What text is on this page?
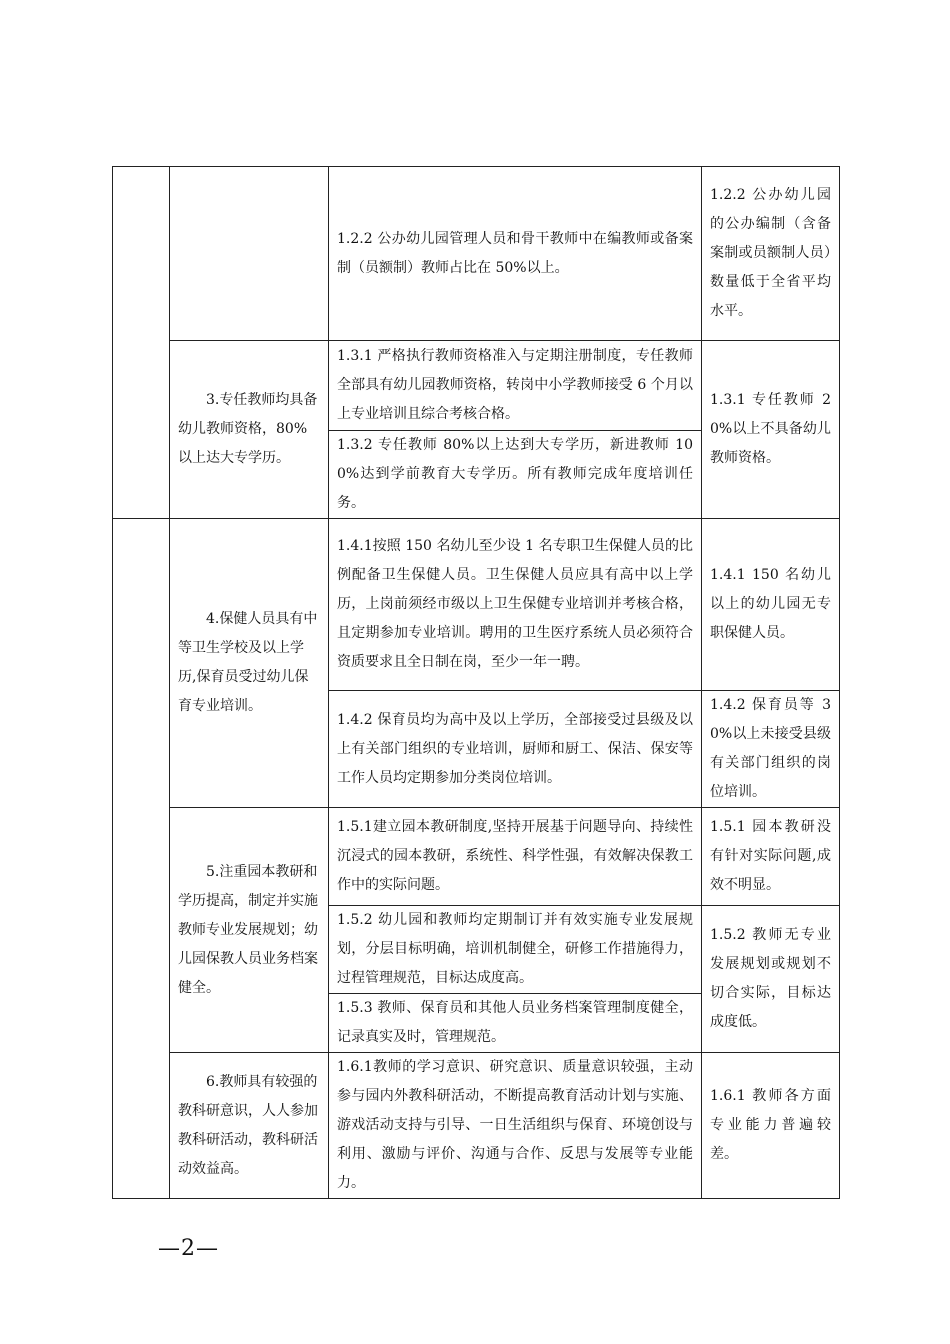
		1.2.2 公办幼儿园管理人员和骨干教师中在编教师或备案制（员额制）教师占比在 50%以上。	1.2.2 公办幼儿园的公办编制（含备案制或员额制人员）数量低于全省平均水平。
	3.专任教师均具备幼儿教师资格，80%以上达大专学历。	1.3.1 严格执行教师资格准入与定期注册制度，专任教师全部具有幼儿园教师资格，转岗中小学教师接受 6 个月以上专业培训且综合考核合格。	1.3.1 专任教师 20%以上不具备幼儿教师资格。
		1.3.2 专任教师 80%以上达到大专学历，新进教师 100%达到学前教育大专学历。所有教师完成年度培训任务。	
	4.保健人员具有中等卫生学校及以上学历,保育员受过幼儿保育专业培训。	1.4.1按照 150 名幼儿至少设 1 名专职卫生保健人员的比例配备卫生保健人员。卫生保健人员应具有高中以上学历，上岗前须经市级以上卫生保健专业培训并考核合格，且定期参加专业培训。聘用的卫生医疗系统人员必须符合资质要求且全日制在岗，至少一年一聘。	1.4.1 150 名幼儿以上的幼儿园无专职保健人员。
		1.4.2 保育员均为高中及以上学历，全部接受过县级及以上有关部门组织的专业培训，厨师和厨工、保洁、保安等工作人员均定期参加分类岗位培训。	1.4.2 保育员等 30%以上未接受县级有关部门组织的岗位培训。
	5.注重园本教研和学历提高，制定并实施教师专业发展规划；幼儿园保教人员业务档案健全。	1.5.1建立园本教研制度,坚持开展基于问题导向、持续性沉浸式的园本教研，系统性、科学性强，有效解决保教工作中的实际问题。	1.5.1 园本教研没有针对实际问题,成效不明显。
		1.5.2 幼儿园和教师均定期制订并有效实施专业发展规划，分层目标明确，培训机制健全，研修工作措施得力，过程管理规范，目标达成度高。	1.5.2 教师无专业发展规划或规划不切合实际，目标达成度低。
		1.5.3 教师、保育员和其他人员业务档案管理制度健全，记录真实及时，管理规范。	
	6.教师具有较强的教科研意识，人人参加教科研活动，教科研活动效益高。	1.6.1教师的学习意识、研究意识、质量意识较强，主动参与园内外教科研活动，不断提高教育活动计划与实施、游戏活动支持与引导、一日生活组织与保育、环境创设与利用、激励与评价、沟通与合作、反思与发展等专业能力。	1.6.1 教师各方面专业能力普遍较差。
—2—
